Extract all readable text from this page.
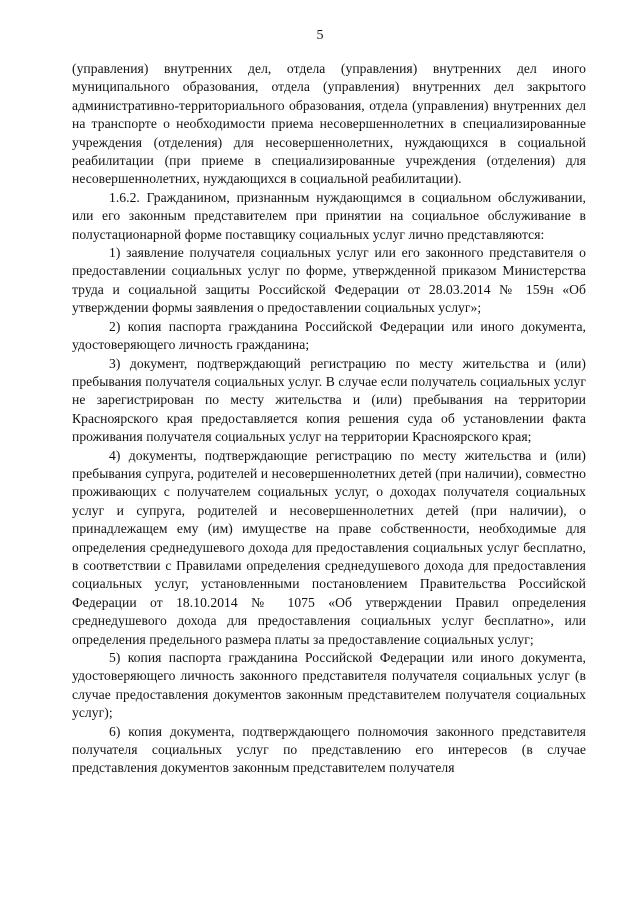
5

(управления) внутренних дел, отдела (управления) внутренних дел иного муниципального образования, отдела (управления) внутренних дел закрытого административно-территориального образования, отдела (управления) внутренних дел на транспорте о необходимости приема несовершеннолетних в специализированные учреждения (отделения) для несовершеннолетних, нуждающихся в социальной реабилитации (при приеме в специализированные учреждения (отделения) для несовершеннолетних, нуждающихся в социальной реабилитации).

1.6.2. Гражданином, признанным нуждающимся в социальном обслуживании, или его законным представителем при принятии на социальное обслуживание в полустационарной форме поставщику социальных услуг лично представляются:

1) заявление получателя социальных услуг или его законного представителя о предоставлении социальных услуг по форме, утвержденной приказом Министерства труда и социальной защиты Российской Федерации от 28.03.2014 № 159н «Об утверждении формы заявления о предоставлении социальных услуг»;

2) копия паспорта гражданина Российской Федерации или иного документа, удостоверяющего личность гражданина;

3) документ, подтверждающий регистрацию по месту жительства и (или) пребывания получателя социальных услуг. В случае если получатель социальных услуг не зарегистрирован по месту жительства и (или) пребывания на территории Красноярского края предоставляется копия решения суда об установлении факта проживания получателя социальных услуг на территории Красноярского края;

4) документы, подтверждающие регистрацию по месту жительства и (или) пребывания супруга, родителей и несовершеннолетних детей (при наличии), совместно проживающих с получателем социальных услуг, о доходах получателя социальных услуг и супруга, родителей и несовершеннолетних детей (при наличии), о принадлежащем ему (им) имуществе на праве собственности, необходимые для определения среднедушевого дохода для предоставления социальных услуг бесплатно, в соответствии с Правилами определения среднедушевого дохода для предоставления социальных услуг, установленными постановлением Правительства Российской Федерации от 18.10.2014 № 1075 «Об утверждении Правил определения среднедушевого дохода для предоставления социальных услуг бесплатно», или определения предельного размера платы за предоставление социальных услуг;

5) копия паспорта гражданина Российской Федерации или иного документа, удостоверяющего личность законного представителя получателя социальных услуг (в случае предоставления документов законным представителем получателя социальных услуг);

6) копия документа, подтверждающего полномочия законного представителя получателя социальных услуг по представлению его интересов (в случае представления документов законным представителем получателя
